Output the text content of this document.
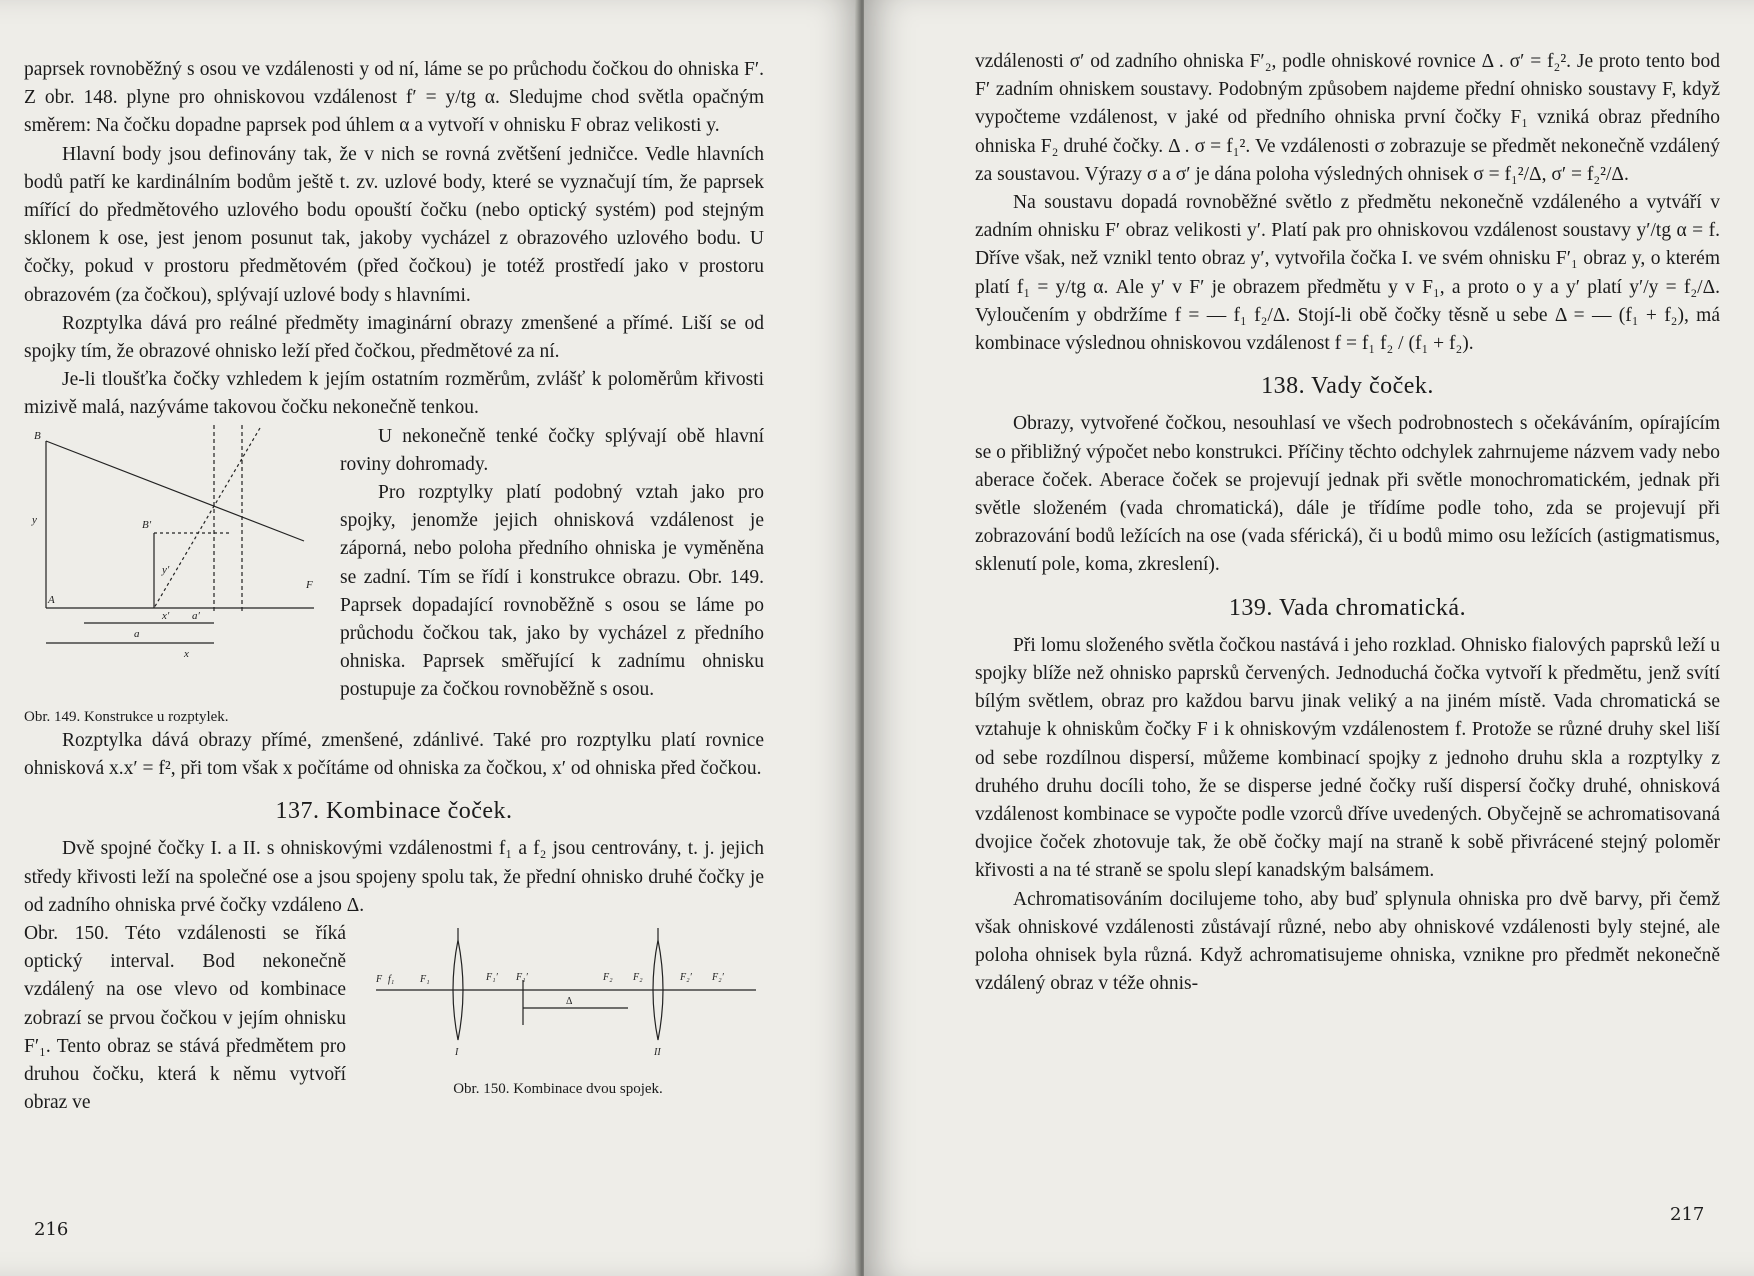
paprsek rovnoběžný s osou ve vzdálenosti y od ní, láme se po průchodu čočkou do ohniska F′. Z obr. 148. plyne pro ohniskovou vzdálenost f′ = y/tg α. Sledujme chod světla opačným směrem: Na čočku dopadne paprsek pod úhlem α a vytvoří v ohnisku F obraz velikosti y.

Hlavní body jsou definovány tak, že v nich se rovná zvětšení jedničce. Vedle hlavních bodů patří ke kardinálním bodům ještě t. zv. uzlové body, které se vyznačují tím, že paprsek mířící do předmětového uzlového bodu opouští čočku (nebo optický systém) pod stejným sklonem k ose, jest jenom posunut tak, jakoby vycházel z obrazového uzlového bodu. U čočky, pokud v prostoru předmětovém (před čočkou) je totéž prostředí jako v prostoru obrazovém (za čočkou), splývají uzlové body s hlavními.

Rozptylka dává pro reálné předměty imaginární obrazy zmenšené a přímé. Liší se od spojky tím, že obrazové ohnisko leží před čočkou, předmětové za ní.

Je-li tloušťka čočky vzhledem k jejím ostatním rozměrům, zvlášť k poloměrům křivosti mizivě malá, nazýváme takovou čočku nekonečně tenkou.

B
y	B′
y′
F
A
x′ a′
a
x
Obr. 149. Konstrukce u rozptylek.

U nekonečně tenké čočky splývají obě hlavní roviny dohromady.

Pro rozptylky platí podobný vztah jako pro spojky, jenomže jejich ohnisková vzdálenost je záporná, nebo poloha předního ohniska je vyměněna se zadní. Tím se řídí i konstrukce obrazu. Obr. 149. Paprsek dopadající rovnoběžně s osou se láme po průchodu čočkou tak, jako by vycházel z předního ohniska. Paprsek směřující k zadnímu ohnisku postupuje za čočkou rovnoběžně s osou.

Rozptylka dává obrazy přímé, zmenšené, zdánlivé. Také pro rozptylku platí rovnice ohnisková x.x′ = f², při tom však x počítáme od ohniska za čočkou, x′ od ohniska před čočkou.

137. Kombinace čoček.

Dvě spojné čočky I. a II. s ohniskovými vzdálenostmi f₁ a f₂ jsou centrovány, t. j. jejich středy křivosti leží na společné ose a jsou spojeny spolu tak, že přední ohnisko druhé čočky je od zadního ohniska prvé čočky vzdáleno Δ.

Obr. 150. Této vzdálenosti se říká optický interval. Bod nekonečně vzdálený na ose vlevo od kombinace zobrazí se prvou čočkou v jejím ohnisku F′₁. Tento obraz se stává předmětem pro druhou čočku, která k němu vytvoří obraz ve

F f₁	F₁	F₁′ F₁′	F₂ F₂	F₂′ F₂′
Δ
I	II
Obr. 150. Kombinace dvou spojek.
216

vzdálenosti σ′ od zadního ohniska F′₂, podle ohniskové rovnice Δ . σ′ = f₂². Je proto tento bod F′ zadním ohniskem soustavy. Podobným způsobem najdeme přední ohnisko soustavy F, když vypočteme vzdálenost, v jaké od předního ohniska první čočky F₁ vzniká obraz předního ohniska F₂ druhé čočky. Δ . σ = f₁². Ve vzdálenosti σ zobrazuje se předmět nekonečně vzdálený za soustavou. Výrazy σ a σ′ je dána poloha výsledných ohnisek σ = f₁²/Δ, σ′ = f₂²/Δ.

Na soustavu dopadá rovnoběžné světlo z předmětu nekonečně vzdáleného a vytváří v zadním ohnisku F′ obraz velikosti y′. Platí pak pro ohniskovou vzdálenost soustavy y′/tg α = f. Dříve však, než vznikl tento obraz y′, vytvořila čočka I. ve svém ohnisku F′₁ obraz y, o kterém platí f₁ = y/tg α. Ale y′ v F′ je obrazem předmětu y v F₁, a proto o y a y′ platí y′/y = f₂/Δ. Vyloučením y obdržíme f = — f₁ f₂/Δ. Stojí-li obě čočky těsně u sebe Δ = — (f₁ + f₂), má kombinace výslednou ohniskovou vzdálenost f = f₁ f₂ / (f₁ + f₂).

138. Vady čoček.

Obrazy, vytvořené čočkou, nesouhlasí ve všech podrobnostech s očekáváním, opírajícím se o přibližný výpočet nebo konstrukci. Příčiny těchto odchylek zahrnujeme názvem vady nebo aberace čoček. Aberace čoček se projevují jednak při světle monochromatickém, jednak při světle složeném (vada chromatická), dále je třídíme podle toho, zda se projevují při zobrazování bodů ležících na ose (vada sférická), či u bodů mimo osu ležících (astigmatismus, sklenutí pole, koma, zkreslení).

139. Vada chromatická.

Při lomu složeného světla čočkou nastává i jeho rozklad. Ohnisko fialových paprsků leží u spojky blíže než ohnisko paprsků červených. Jednoduchá čočka vytvoří k předmětu, jenž svítí bílým světlem, obraz pro každou barvu jinak veliký a na jiném místě. Vada chromatická se vztahuje k ohniskům čočky F i k ohniskovým vzdálenostem f. Protože se různé druhy skel liší od sebe rozdílnou dispersí, můžeme kombinací spojky z jednoho druhu skla a rozptylky z druhého druhu docíli toho, že se disperse jedné čočky ruší dispersí čočky druhé, ohnisková vzdálenost kombinace se vypočte podle vzorců dříve uvedených. Obyčejně se achromatisovaná dvojice čoček zhotovuje tak, že obě čočky mají na straně k sobě přivrácené stejný poloměr křivosti a na té straně se spolu slepí kanadským balsámem.

Achromatisováním docilujeme toho, aby buď splynula ohniska pro dvě barvy, při čemž však ohniskové vzdálenosti zůstávají různé, nebo aby ohniskové vzdálenosti byly stejné, ale poloha ohnisek byla různá. Když achromatisujeme ohniska, vznikne pro předmět nekonečně vzdálený obraz v téže ohnis-

217
